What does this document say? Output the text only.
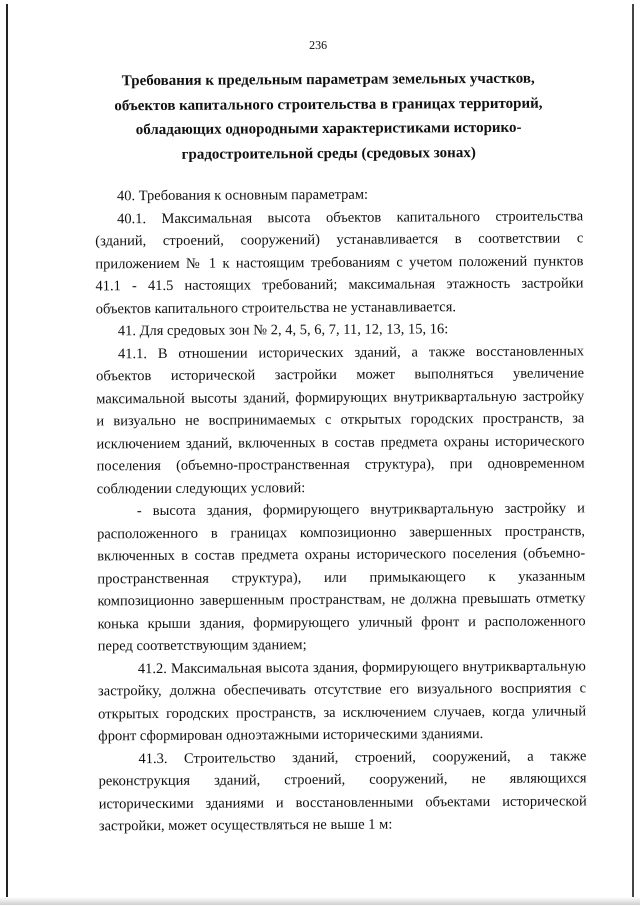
236
Требования к предельным параметрам земельных участков,
объектов капитального строительства в границах территорий,
обладающих однородными характеристиками историко-
градостроительной среды (средовых зонах)
40. Требования к основным параметрам:
40.1. Максимальная высота объектов капитального строительства
(зданий, строений, сооружений) устанавливается в соответствии с
приложением № 1 к настоящим требованиям с учетом положений пунктов
41.1 - 41.5 настоящих требований; максимальная этажность застройки
объектов капитального строительства не устанавливается.
41. Для средовых зон № 2, 4, 5, 6, 7, 11, 12, 13, 15, 16:
41.1. В отношении исторических зданий, а также восстановленных
объектов исторической застройки может выполняться увеличение
максимальной высоты зданий, формирующих внутриквартальную застройку
и визуально не воспринимаемых с открытых городских пространств, за
исключением зданий, включенных в состав предмета охраны исторического
поселения (объемно-пространственная структура), при одновременном
соблюдении следующих условий:
- высота здания, формирующего внутриквартальную застройку и
расположенного в границах композиционно завершенных пространств,
включенных в состав предмета охраны исторического поселения (объемно-
пространственная структура), или примыкающего к указанным
композиционно завершенным пространствам, не должна превышать отметку
конька крыши здания, формирующего уличный фронт и расположенного
перед соответствующим зданием;
41.2. Максимальная высота здания, формирующего внутриквартальную
застройку, должна обеспечивать отсутствие его визуального восприятия с
открытых городских пространств, за исключением случаев, когда уличный
фронт сформирован одноэтажными историческими зданиями.
41.3. Строительство зданий, строений, сооружений, а также
реконструкция зданий, строений, сооружений, не являющихся
историческими зданиями и восстановленными объектами исторической
застройки, может осуществляться не выше 1 м:
